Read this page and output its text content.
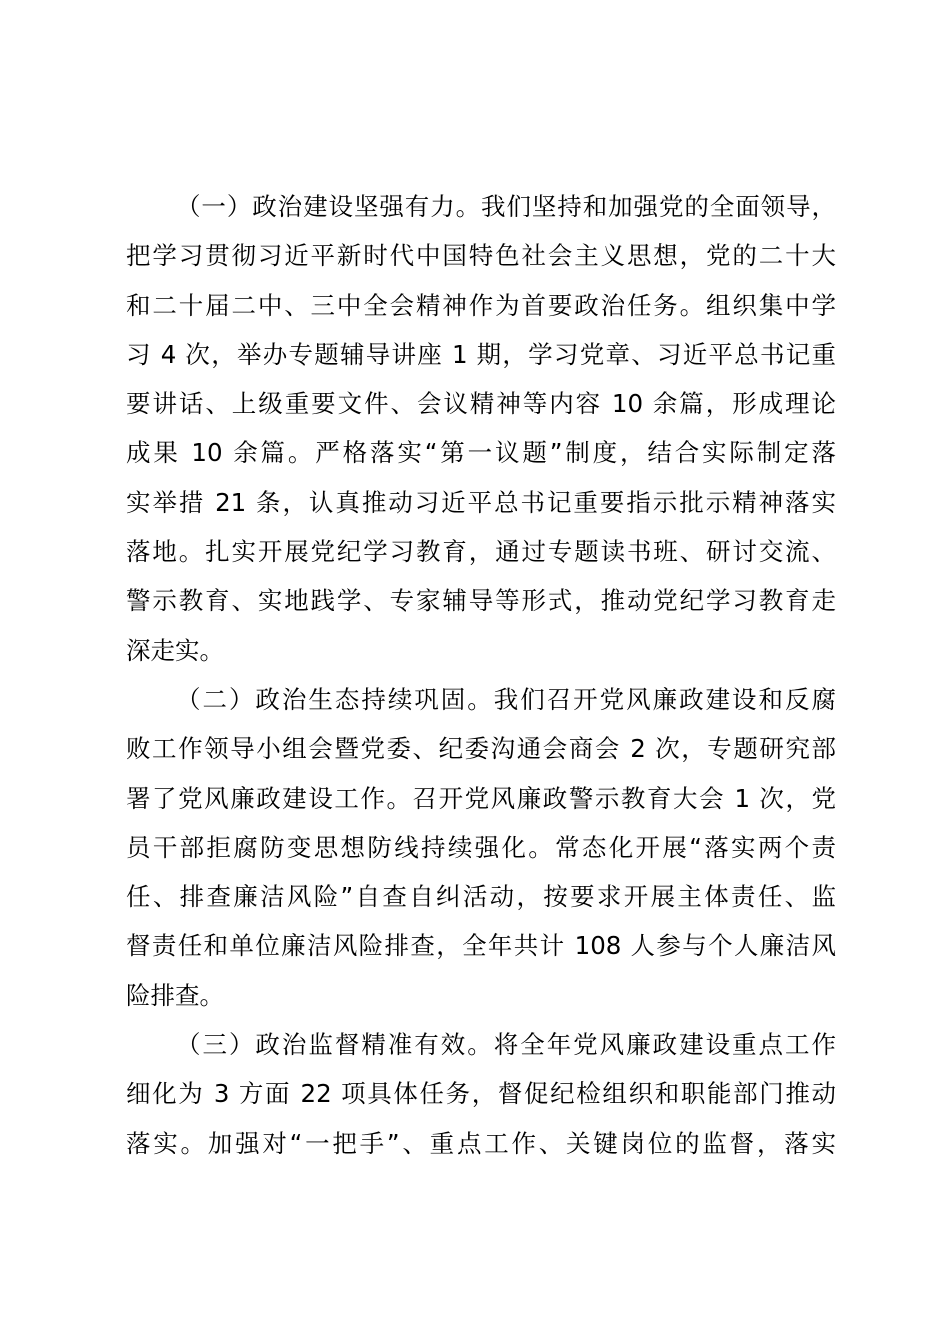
（一）政治建设坚强有力。我们坚持和加强党的全面领导，
把学习贯彻习近平新时代中国特色社会主义思想，党的二十大
和二十届二中、三中全会精神作为首要政治任务。组织集中学
习 4 次，举办专题辅导讲座 1 期，学习党章、习近平总书记重
要讲话、上级重要文件、会议精神等内容 10 余篇，形成理论
成果 10 余篇。严格落实“第一议题”制度，结合实际制定落
实举措 21 条，认真推动习近平总书记重要指示批示精神落实
落地。扎实开展党纪学习教育，通过专题读书班、研讨交流、
警示教育、实地践学、专家辅导等形式，推动党纪学习教育走
深走实。
（二）政治生态持续巩固。我们召开党风廉政建设和反腐
败工作领导小组会暨党委、纪委沟通会商会 2 次，专题研究部
署了党风廉政建设工作。召开党风廉政警示教育大会 1 次，党
员干部拒腐防变思想防线持续强化。常态化开展“落实两个责
任、排查廉洁风险”自查自纠活动，按要求开展主体责任、监
督责任和单位廉洁风险排查，全年共计 108 人参与个人廉洁风
险排查。
（三）政治监督精准有效。将全年党风廉政建设重点工作
细化为 3 方面 22 项具体任务，督促纪检组织和职能部门推动
落实。加强对“一把手”、重点工作、关键岗位的监督，落实
